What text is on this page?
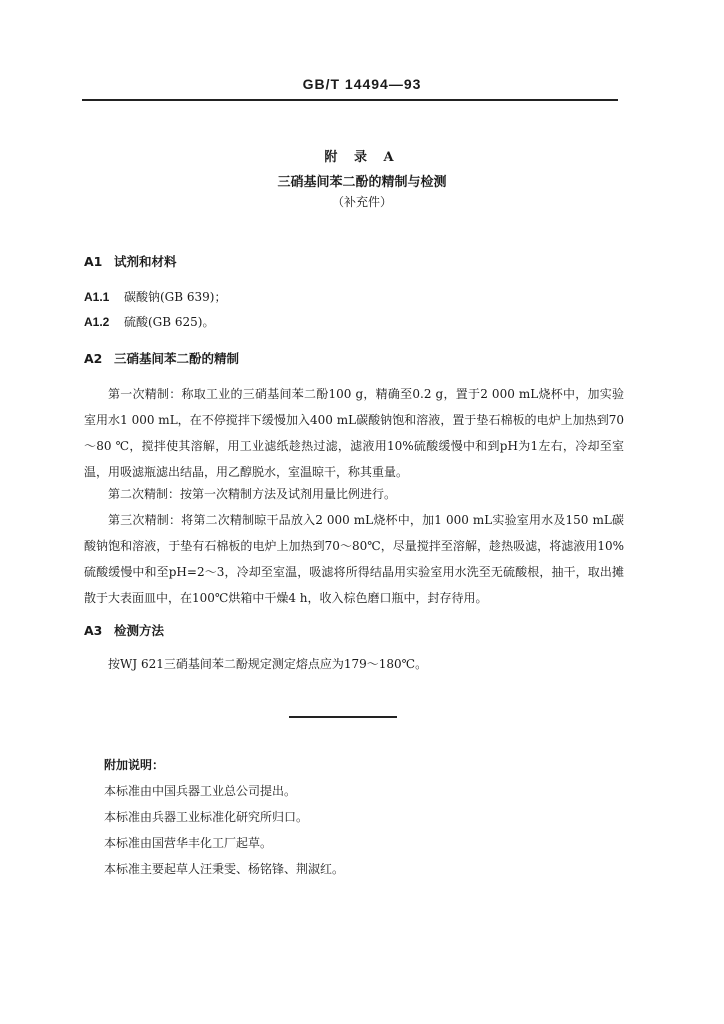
GB/T 14494—93
附 录 A
三硝基间苯二酚的精制与检测
（补充件）
A1 试剂和材料
A1.1 碳酸钠(GB 639)；
A1.2 硫酸(GB 625)。
A2 三硝基间苯二酚的精制

第一次精制：称取工业的三硝基间苯二酚100 g，精确至0.2 g，置于2 000 mL烧杯中，加实验室用水1 000 mL，在不停搅拌下缓慢加入400 mL碳酸钠饱和溶液，置于垫石棉板的电炉上加热到70～80 ℃，搅拌使其溶解，用工业滤纸趁热过滤，滤液用10%硫酸缓慢中和到pH为1左右，冷却至室温，用吸滤瓶滤出结晶，用乙醇脱水，室温晾干，称其重量。

第二次精制：按第一次精制方法及试剂用量比例进行。

第三次精制：将第二次精制晾干品放入2 000 mL烧杯中，加1 000 mL实验室用水及150 mL碳酸钠饱和溶液，于垫有石棉板的电炉上加热到70～80℃，尽量搅拌至溶解，趁热吸滤，将滤液用10%硫酸缓慢中和至pH=2～3，冷却至室温，吸滤将所得结晶用实验室用水洗至无硫酸根，抽干，取出摊散于大表面皿中，在100℃烘箱中干燥4 h，收入棕色磨口瓶中，封存待用。

A3 检测方法

按WJ 621三硝基间苯二酚规定测定熔点应为179～180℃。

附加说明：
本标准由中国兵器工业总公司提出。
本标准由兵器工业标准化研究所归口。
本标准由国营华丰化工厂起草。
本标准主要起草人汪秉雯、杨铭锋、荆淑红。
